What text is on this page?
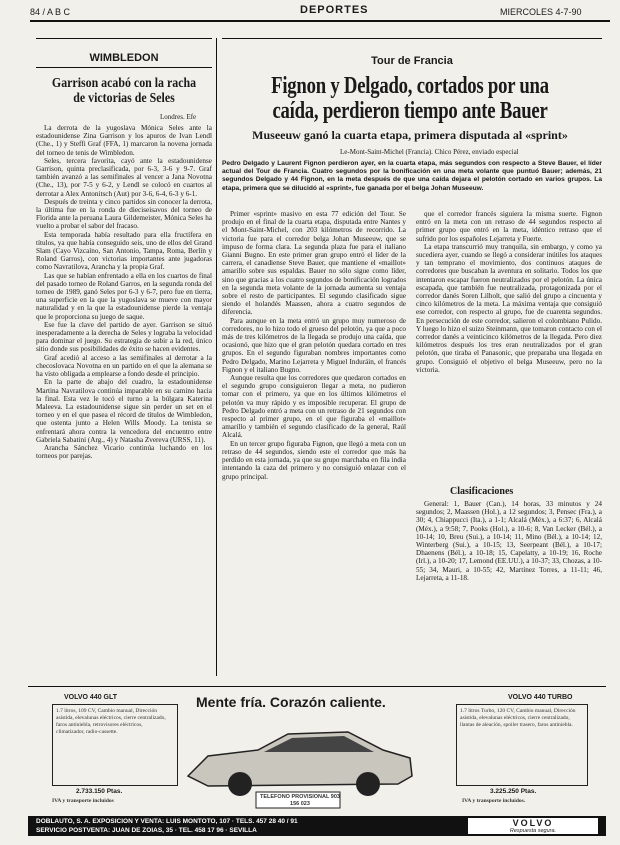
84 / A B C	DEPORTES	MIERCOLES 4-7-90
WIMBLEDON
Garrison acabó con la racha de victorias de Seles
Londres. Efe

La derrota de la yugoslava Mónica Seles ante la estadounidense Zina Garrison y los apuros de Ivan Lendl (Che., 1) y Steffi Graf (FFA, 1) marcaron la novena jornada del torneo de tenis de Wimbledon.

Seles, tercera favorita, cayó ante la estadounidense Garrison, quinta preclasificada, por 6-3, 3-6 y 9-7. Graf también avanzó a las semifinales al vencer a Jana Novotna (Che., 13), por 7-5 y 6-2, y Lendl se colocó en cuartos al derrotar a Alex Antonitsch (Aut) por 3-6, 6-4, 6-3 y 6-1.

Después de treinta y cinco partidos sin conocer la derrota, la última fue en la ronda de dieciseisavos del torneo de Florida ante la peruana Laura Gildemeister, Mónica Seles ha vuelto a probar el sabor del fracaso.

Esta temporada había resultado para ella fructífera en títulos, ya que había conseguido seis, uno de ellos del Grand Slam (Cayo Vizcaíno, San Antonio, Tampa, Roma, Berlín y Roland Garros), con victorias importantes ante jugadoras como Navratilova, Arancha y la propia Graf.

Las que se habían enfrentado a ella en los cuartos de final del pasado torneo de Roland Garros, en la segunda ronda del torneo de 1989, ganó Seles por 6-3 y 6-7, pero fue en tierra, una superficie en la que la yugoslava se mueve con mayor naturalidad y en la que la estadounidense pierde la ventaja que le proporciona su juego de saque.

Ese fue la clave del partido de ayer. Garrison se situó inesperadamente a la derecha de Seles y lograba la velocidad para dominar el juego. Su estrategia de subir a la red, único sitio donde sus posibilidades de éxito se hacen evidentes.

Graf acedió al acceso a las semifinales al derrotar a la checoslovaca Novotna en un partido en el que la alemana se ha visto obligada a emplearse a fondo desde el principio.

En la parte de abajo del cuadro, la estadounidense Martina Navratilova continúa imparable en su camino hacia la final. Esta vez le tocó el turno a la búlgara Katerina Maleeva. La estadounidense sigue sin perder un set en el torneo y en el que pasea el récord de títulos de Wimbledon, que ostenta junto a Helen Wills Moody. La tenista se enfrentará ahora contra la vencedora del encuentro entre Gabriela Sabatini (Arg., 4) y Natasha Zvereva (URSS, 11).

Arancha Sánchez Vicario continúa luchando en los torneos por parejas.

Tour de Francia
Fignon y Delgado, cortados por una caída, perdieron tiempo ante Bauer
Museeuw ganó la cuarta etapa, primera disputada al «sprint»
Le-Mont-Saint-Michel (Francia). Chico Pérez, enviado especial
Pedro Delgado y Laurent Fignon perdieron ayer, en la cuarta etapa, más segundos con respecto a Steve Bauer, el líder actual del Tour de Francia. Cuatro segundos por la bonificación en una meta volante que puntuó Bauer; además, 21 segundos Delgado y 44 Fignon, en la meta después de que una caída dejara el pelotón cortado en varios grupos. La etapa, primera que se dilucidó al «sprint», fue ganada por el belga Johan Museeuw.

Primer «sprint» masivo en esta 77 edición del Tour. Se produjo en el final de la cuarta etapa, disputada entre Nantes y el Mont-Saint-Michel, con 203 kilómetros de recorrido. La victoria fue para el corredor belga Johan Museeuw, que se impuso de forma clara. La segunda plaza fue para el italiano Gianni Bugno. En este primer gran grupo entró el líder de la carrera, el canadiense Steve Bauer, que mantiene el «maillot» amarillo sobre sus espaldas. Bauer no sólo sigue como líder, sino que gracias a los cuatro segundos de bonificación logrados en la segunda meta volante de la jornada aumenta su ventaja sobre el resto de participantes. El segundo clasificado sigue siendo el holandés Maassen, ahora a cuatro segundos de diferencia.

Para aunque en la meta entró un grupo muy numeroso de corredores, no lo hizo todo el grueso del pelotón, ya que a poco más de tres kilómetros de la llegada se produjo una caída, que ocasionó, que hizo que el gran pelotón quedara cortado en tres grupos. En el segundo figuraban nombres importantes como Pedro Delgado, Marino Lejarreta y Miguel Induráin, el francés Fignon y el italiano Bugno.

Aunque resulta que los corredores que quedaron cortados en el segundo grupo consiguieron llegar a meta, no pudieron tomar con el primero, ya que en los últimos kilómetros el pelotón va muy rápido y es imposible recuperar. El grupo de Pedro Delgado entró a meta con un retraso de 21 segundos con respecto al primer grupo, en el que figuraba el «maillot» amarillo y también el segundo clasificado de la general, Raúl Alcalá.

En un tercer grupo figuraba Fignon, que llegó a meta con un retraso de 44 segundos, siendo este el corredor que más ha perdido en esta jornada, ya que su grupo marchaba en fila india intentando la caza del primero y no consiguió enlazar con el grupo principal.

que el corredor francés siguiera la misma suerte. Fignon entró en la meta con un retraso de 44 segundos respecto al primer grupo que entró en la meta, idéntico retraso que el sufrido por los españoles Lejarreta y Fuerte.

La etapa transcurrió muy tranquila, sin embargo, y como ya sucediera ayer, cuando se llegó a considerar inútiles los ataques y tan temprano el movimiento, dos continuos ataques de corredores que buscaban la aventura en solitario. Todos los que intentaron escapar fueron neutralizados por el pelotón. La única escapada, que también fue neutralizada, protagonizada por el corredor danés Soren Lilholt, que salió del grupo a cincuenta y cinco kilómetros de la meta. La máxima ventaja que consiguió ese corredor, con respecto al grupo, fue de cuarenta segundos. En persecución de este corredor, salieron el colombiano Pulido. Y luego lo hizo el suizo Steinmann, que tomaron contacto con el corredor danés a veinticinco kilómetros de la llegada. Pero diez kilómetros después los tres eran neutralizados por el gran pelotón, que tiraba el Panasonic, que preparaba una llegada en grupo. Consiguió el objetivo el belga Museeuw, pero no la victoria.

Clasificaciones

General: 1, Bauer (Can.), 14 horas, 33 minutos y 24 segundos; 2, Maassen (Hol.), a 12 segundos; 3, Pensec (Fra.), a 30; 4, Chiappucci (Ita.), a 1-1; Alcalá (Méx.), a 6:37; 6, Alcalá (Méx.), a 9:58; 7, Pooks (Hol.), a 10-6; 8, Van Lecker (Bél.), a 10-14; 10, Breu (Sui.), a 10-14; 11, Mino (Bél.), a 10-14; 12, Winterberg (Sui.), a 10-15; 13, Seerpeant (Bél.), a 10-17; Dhaenens (Bél.), a 10-18; 15, Capelatty, a 10-19; 16, Roche (Irl.), a 10-20; 17, Lemond (EE.UU.), a 10-37; 33, Chozas, a 10-55; 34, Mauri, a 10-55; 42, Martínez Torres, a 11-11; 46, Lejarreta, a 11-18.

VOLVO 440 GLT	Mente fría. Corazón caliente.	VOLVO 440 TURBO
1.7 litros, 109 CV, Cambio manual, Dirección asistida, elevalunas eléctricos, cierre centralizado, faros antiniebla, retrovisores eléctricos, climatizador, radio-cassette.
2.733.150 Ptas.
IVA y transporte incluidos
1.7 litros Turbo, 120 CV, Cambio manual, Dirección asistida, elevalunas eléctricos, cierre centralizado, llantas de aleación, spoiler trasero, faros antiniebla.
3.225.250 Ptas.
IVA y transporte incluidos.
TELEFONO PROVISIONAL 903 156 023
DOBLAUTO, S. A. EXPOSICION Y VENTA: LUIS MONTOTO, 107 · TELS. 457 28 40 / 91
SERVICIO POSTVENTA: JUAN DE ZOIAS, 35 · TEL. 458 17 96 · SEVILLA
VOLVO
Respuesta segura.
